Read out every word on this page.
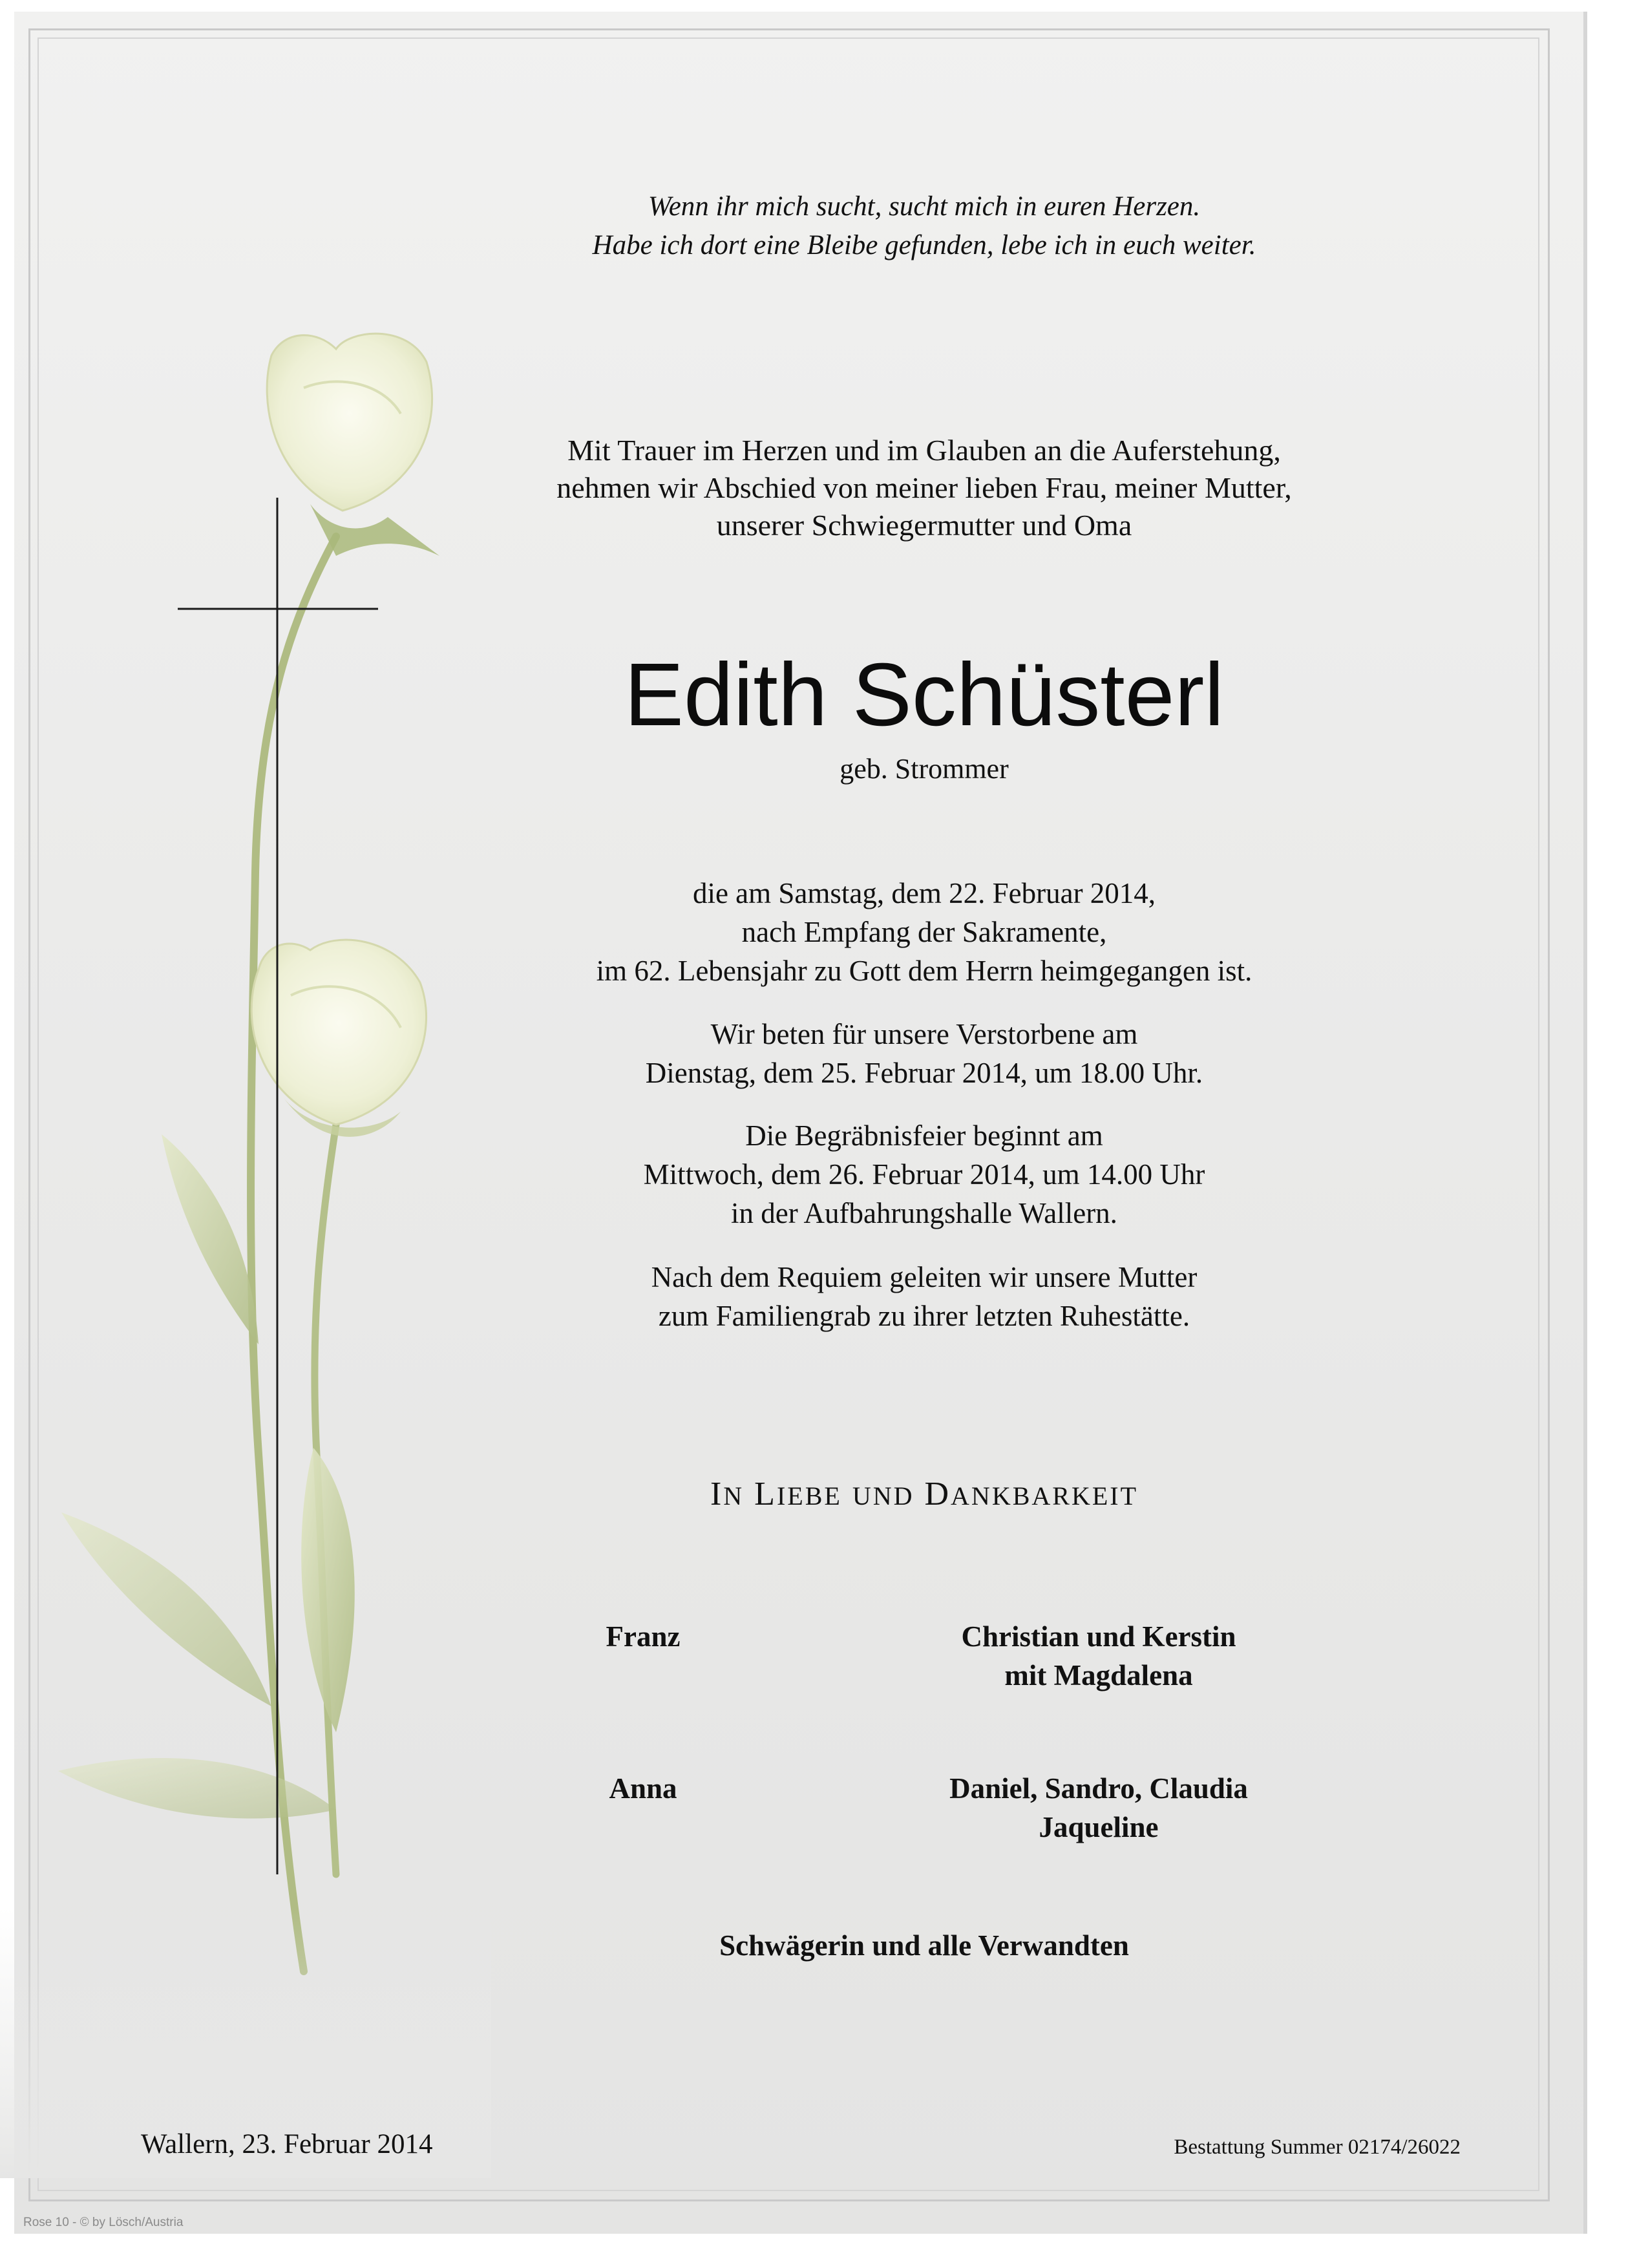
Wenn ihr mich sucht, sucht mich in euren Herzen.
Habe ich dort eine Bleibe gefunden, lebe ich in euch weiter.
Mit Trauer im Herzen und im Glauben an die Auferstehung,
nehmen wir Abschied von meiner lieben Frau, meiner Mutter,
unserer Schwiegermutter und Oma
Edith Schüsterl
geb. Strommer
die am Samstag, dem 22. Februar 2014,
nach Empfang der Sakramente,
im 62. Lebensjahr zu Gott dem Herrn heimgegangen ist.
Wir beten für unsere Verstorbene am
Dienstag, dem 25. Februar 2014, um 18.00 Uhr.
Die Begräbnisfeier beginnt am
Mittwoch, dem 26. Februar 2014, um 14.00 Uhr
in der Aufbahrungshalle Wallern.
Nach dem Requiem geleiten wir unsere Mutter
zum Familiengrab zu ihrer letzten Ruhestätte.
IN LIEBE UND DANKBARKEIT
Franz	Christian und Kerstin
mit Magdalena
Anna	Daniel, Sandro, Claudia
Jaqueline
Schwägerin und alle Verwandten
Wallern, 23. Februar 2014	Bestattung Summer 02174/26022
Rose 10 - © by Lösch/Austria
